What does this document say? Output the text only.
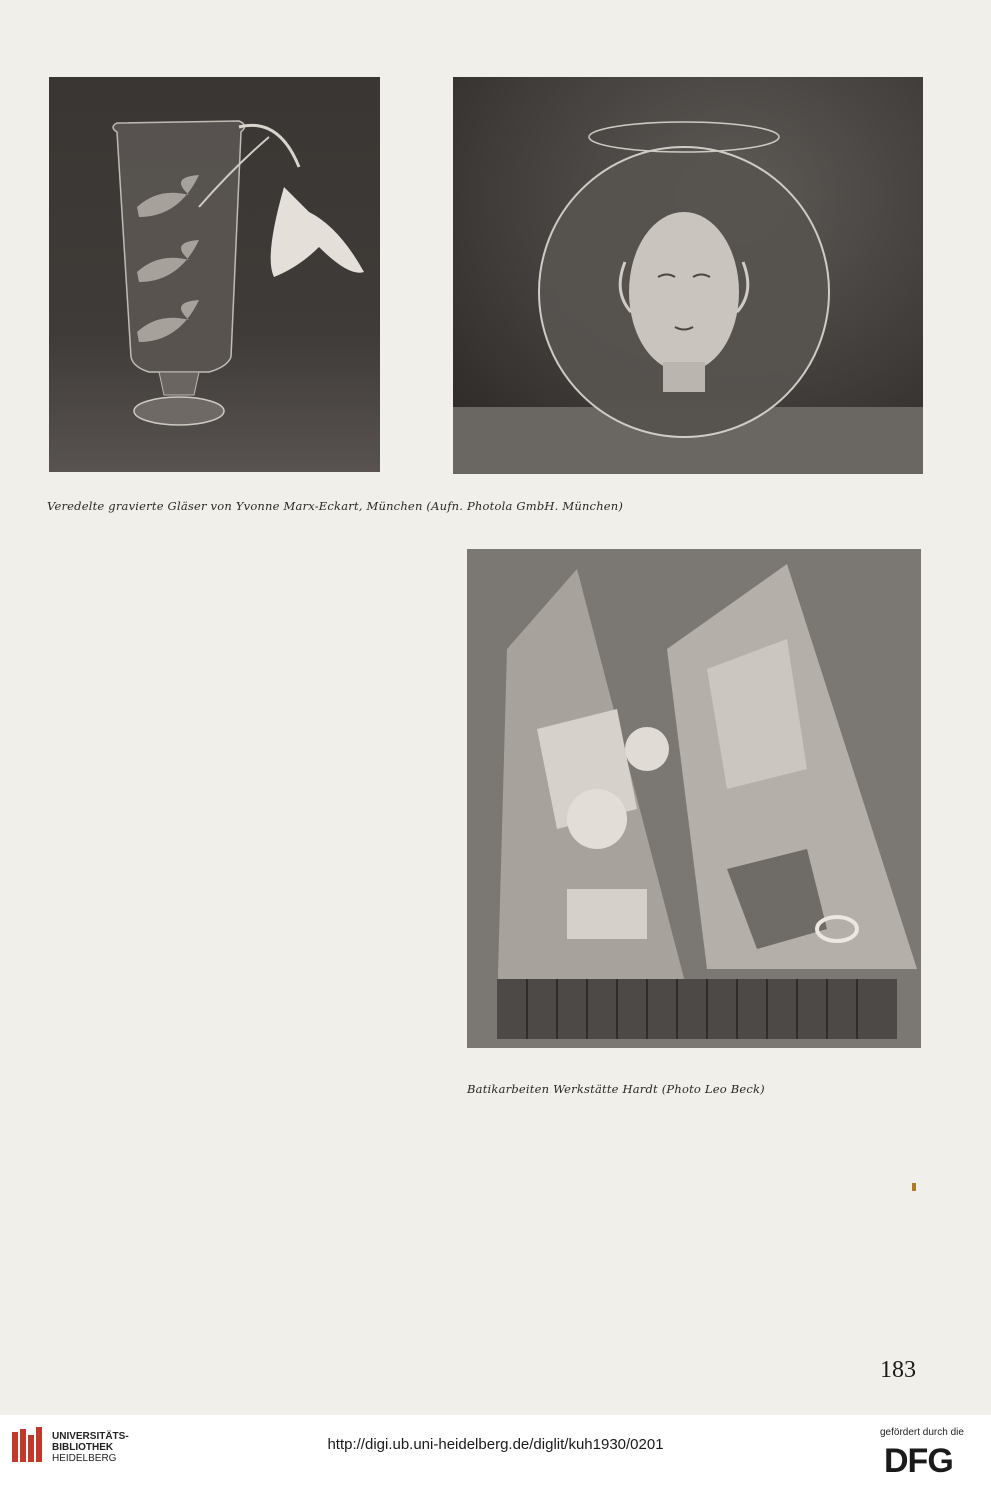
Veredelte gravierte Gläser von Yvonne Marx-Eckart, München (Aufn. Photola GmbH. München)
Batikarbeiten Werkstätte Hardt (Photo Leo Beck)
183
UNIVERSITÄTS-
BIBLIOTHEK
HEIDELBERG
http://digi.ub.uni-heidelberg.de/diglit/kuh1930/0201
gefördert durch die
DFG
